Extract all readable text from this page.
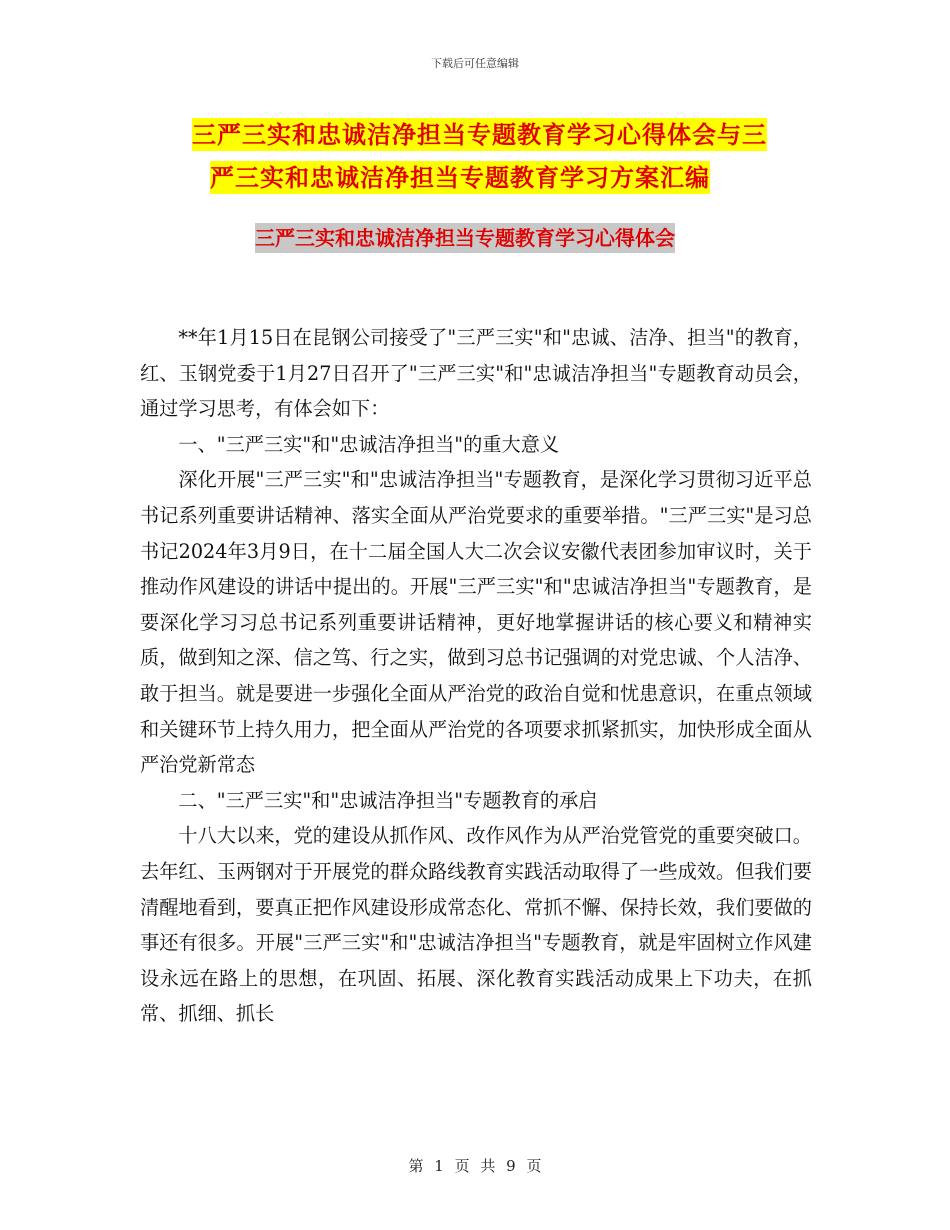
下载后可任意编辑
三严三实和忠诚洁净担当专题教育学习心得体会与三
严三实和忠诚洁净担当专题教育学习方案汇编
三严三实和忠诚洁净担当专题教育学习心得体会

**年1月15日在昆钢公司接受了"三严三实"和"忠诚、洁净、担当"的教育，红、玉钢党委于1月27日召开了"三严三实"和"忠诚洁净担当"专题教育动员会，通过学习思考，有体会如下：

一、"三严三实"和"忠诚洁净担当"的重大意义

深化开展"三严三实"和"忠诚洁净担当"专题教育，是深化学习贯彻习近平总书记系列重要讲话精神、落实全面从严治党要求的重要举措。"三严三实"是习总书记2024年3月9日，在十二届全国人大二次会议安徽代表团参加审议时，关于推动作风建设的讲话中提出的。开展"三严三实"和"忠诚洁净担当"专题教育，是要深化学习习总书记系列重要讲话精神，更好地掌握讲话的核心要义和精神实质，做到知之深、信之笃、行之实，做到习总书记强调的对党忠诚、个人洁净、敢于担当。就是要进一步强化全面从严治党的政治自觉和忧患意识，在重点领域和关键环节上持久用力，把全面从严治党的各项要求抓紧抓实，加快形成全面从严治党新常态

二、"三严三实"和"忠诚洁净担当"专题教育的承启

十八大以来，党的建设从抓作风、改作风作为从严治党管党的重要突破口。去年红、玉两钢对于开展党的群众路线教育实践活动取得了一些成效。但我们要清醒地看到，要真正把作风建设形成常态化、常抓不懈、保持长效，我们要做的事还有很多。开展"三严三实"和"忠诚洁净担当"专题教育，就是牢固树立作风建设永远在路上的思想，在巩固、拓展、深化教育实践活动成果上下功夫，在抓常、抓细、抓长

第 1 页 共 9 页
